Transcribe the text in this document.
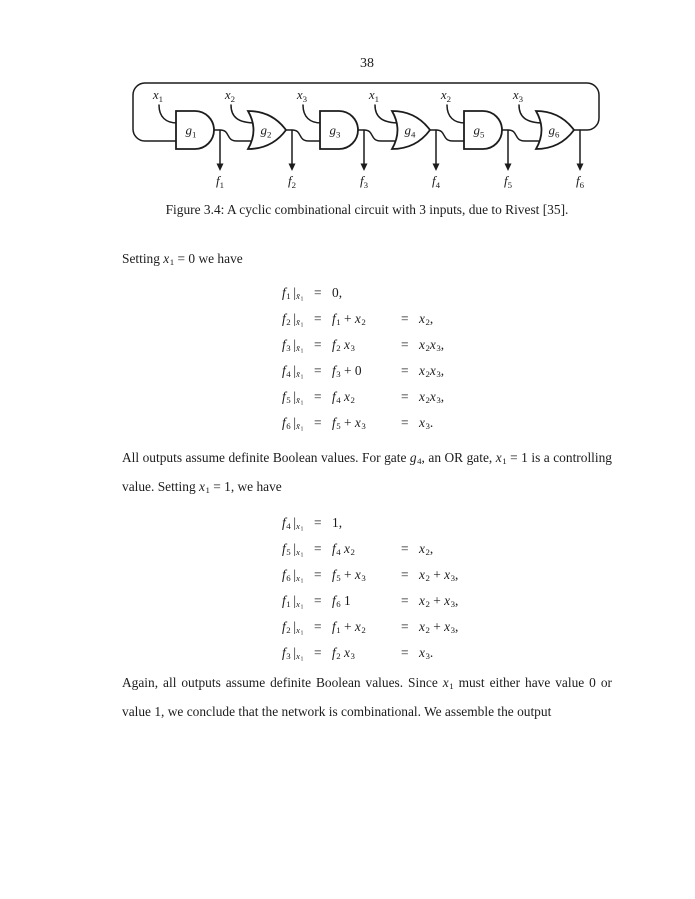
38
$x_1$
$f_1$
$g_1$
$x_2$
$f_2$
$g_2$
$x_3$
$f_3$
$g_3$
$x_1$
$f_4$
$g_4$
$x_2$
$f_5$
$g_5$
$x_3$
$f_6$
$g_6$
Figure 3.4: A cyclic combinational circuit with 3 inputs, due to Rivest [35].

Setting $x_1 = 0$ we have

$f_1$ $|_{x̄_1} = 0$,
$f_2$ $|_{x̄_1} = f_1 + x_2$	= $x_2$,
$f_3$ $|_{x̄_1} = f_2$ $x_3$	= $x_2x_3$,
$f_4$ $|_{x̄_1} = f_3 + 0$	= $x_2x_3$,
$f_5$ $|_{x̄_1} = f_4$ $x_2$	= $x_2x_3$,
$f_6$ $|_{x̄_1} = f_5 + x_3$	= $x_3$.

All outputs assume definite Boolean values. For gate $g_4$, an OR gate, $x_1 = 1$ is a controlling value. Setting $x_1 = 1$, we have

$f_4$ $|_{x_1} = 1$,
$f_5$ $|_{x_1} = f_4$ $x_2$	= $x_2$,
$f_6$ $|_{x_1} = f_5 + x_3$	= $x_2 + x_3$,
$f_1$ $|_{x_1} = f_6$ 1	= $x_2 + x_3$,
$f_2$ $|_{x_1} = f_1 + x_2$	= $x_2 + x_3$,
$f_3$ $|_{x_1} = f_2$ $x_3$	= $x_3$.

Again, all outputs assume definite Boolean values. Since $x_1$ must either have value 0 or value 1, we conclude that the network is combinational. We assemble the output
